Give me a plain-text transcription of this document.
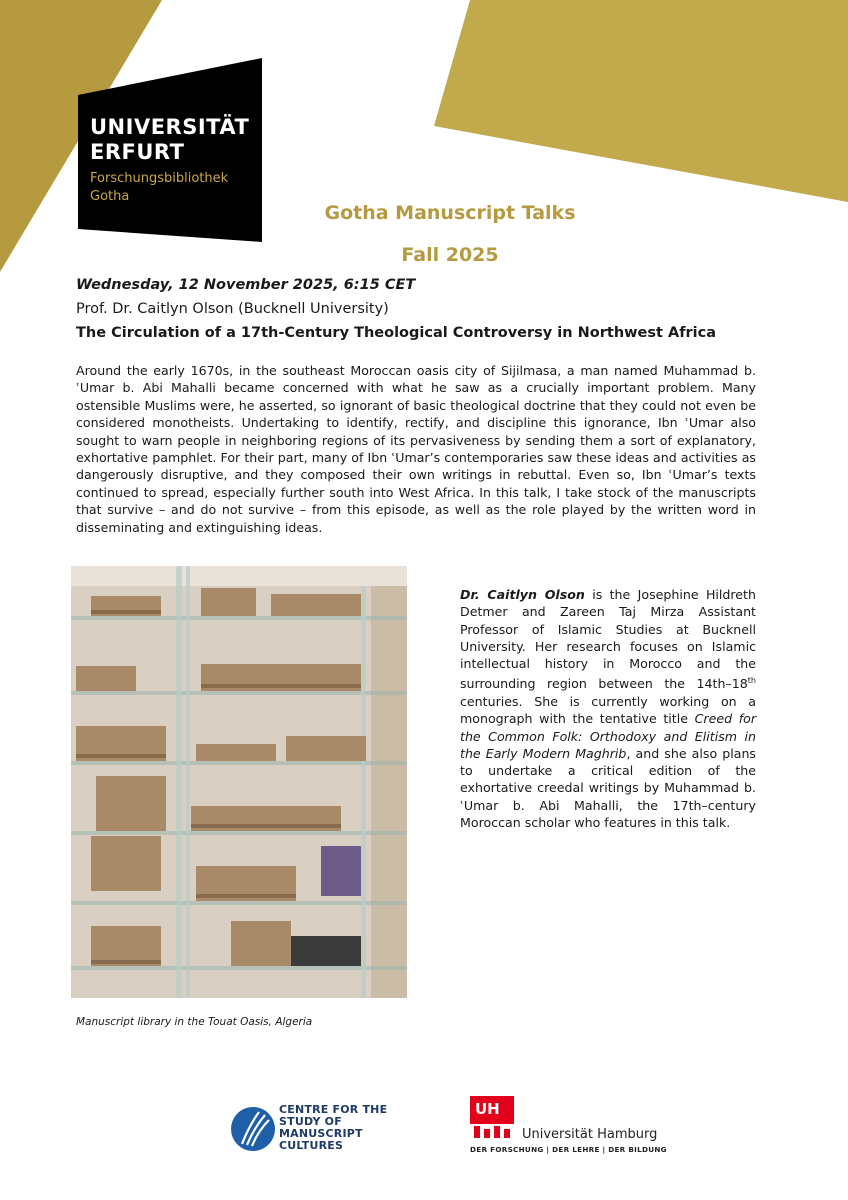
UNIVERSITÄT
ERFURT
Forschungsbibliothek
Gotha
Gotha Manuscript Talks
Fall 2025
Wednesday, 12 November 2025, 6:15 CET
Prof. Dr. Caitlyn Olson (Bucknell University)
The Circulation of a 17th-Century Theological Controversy in Northwest Africa
Around the early 1670s, in the southeast Moroccan oasis city of Sijilmasa, a man named Muhammad b. ʿUmar b. Abi Mahalli became concerned with what he saw as a crucially important problem. Many ostensible Muslims were, he asserted, so ignorant of basic theological doctrine that they could not even be considered monotheists. Undertaking to identify, rectify, and discipline this ignorance, Ibn ʿUmar also sought to warn people in neighboring regions of its pervasiveness by sending them a sort of explanatory, exhortative pamphlet. For their part, many of Ibn ʿUmar’s contemporaries saw these ideas and activities as dangerously disruptive, and they composed their own writings in rebuttal. Even so, Ibn ʿUmar’s texts continued to spread, especially further south into West Africa. In this talk, I take stock of the manuscripts that survive – and do not survive – from this episode, as well as the role played by the written word in disseminating and extinguishing ideas.
Manuscript library in the Touat Oasis, Algeria
Dr. Caitlyn Olson is the Josephine Hildreth Detmer and Zareen Taj Mirza Assistant Professor of Islamic Studies at Bucknell University. Her research focuses on Islamic intellectual history in Morocco and the surrounding region between the 14th–18th centuries. She is currently working on a monograph with the tentative title Creed for the Common Folk: Orthodoxy and Elitism in the Early Modern Maghrib, and she also plans to undertake a critical edition of the exhortative creedal writings by Muhammad b. ʿUmar b. Abi Mahalli, the 17th–century Moroccan scholar who features in this talk.
CENTRE FOR THE
STUDY OF
MANUSCRIPT
CULTURES
UH
Universität Hamburg
DER FORSCHUNG | DER LEHRE | DER BILDUNG
